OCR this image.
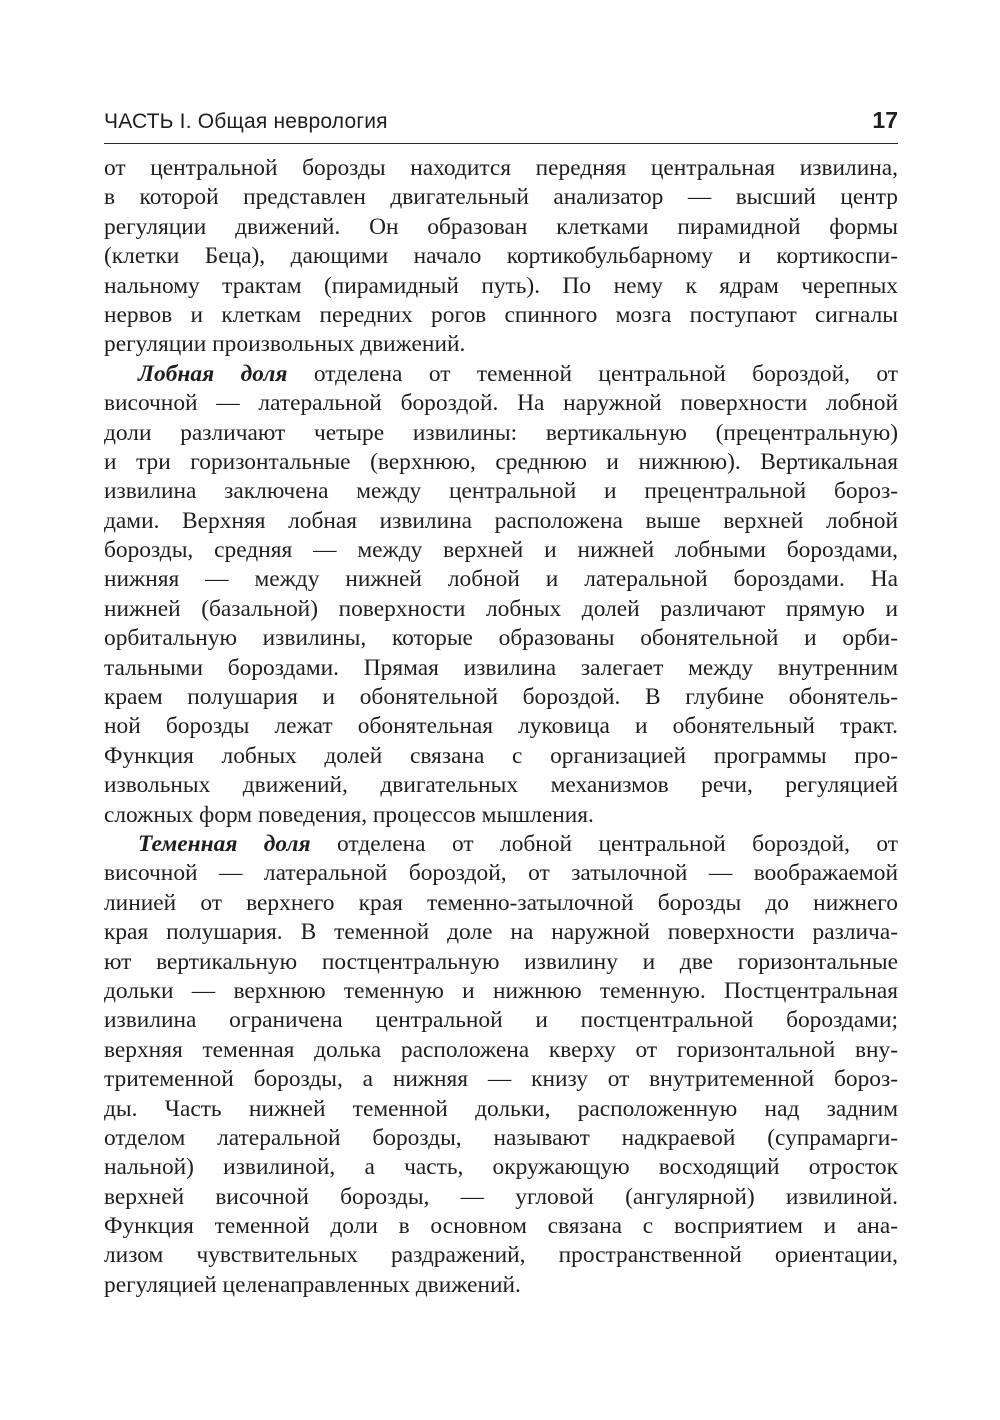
ЧАСТЬ I. Общая неврология	17
от центральной борозды находится передняя центральная извилина,
в которой представлен двигательный анализатор — высший центр
регуляции движений. Он образован клетками пирамидной формы
(клетки Беца), дающими начало кортикобульбарному и кортикоспи-
нальному трактам (пирамидный путь). По нему к ядрам черепных
нервов и клеткам передних рогов спинного мозга поступают сигналы
регуляции произвольных движений.
Лобная доля отделена от теменной центральной бороздой, от
височной — латеральной бороздой. На наружной поверхности лобной
доли различают четыре извилины: вертикальную (прецентральную)
и три горизонтальные (верхнюю, среднюю и нижнюю). Вертикальная
извилина заключена между центральной и прецентральной бороз-
дами. Верхняя лобная извилина расположена выше верхней лобной
борозды, средняя — между верхней и нижней лобными бороздами,
нижняя — между нижней лобной и латеральной бороздами. На
нижней (базальной) поверхности лобных долей различают прямую и
орбитальную извилины, которые образованы обонятельной и орби-
тальными бороздами. Прямая извилина залегает между внутренним
краем полушария и обонятельной бороздой. В глубине обонятель-
ной борозды лежат обонятельная луковица и обонятельный тракт.
Функция лобных долей связана с организацией программы про-
извольных движений, двигательных механизмов речи, регуляцией
сложных форм поведения, процессов мышления.
Теменная доля отделена от лобной центральной бороздой, от
височной — латеральной бороздой, от затылочной — воображаемой
линией от верхнего края теменно-затылочной борозды до нижнего
края полушария. В теменной доле на наружной поверхности различа-
ют вертикальную постцентральную извилину и две горизонтальные
дольки — верхнюю теменную и нижнюю теменную. Постцентральная
извилина ограничена центральной и постцентральной бороздами;
верхняя теменная долька расположена кверху от горизонтальной вну-
тритеменной борозды, а нижняя — книзу от внутритеменной бороз-
ды. Часть нижней теменной дольки, расположенную над задним
отделом латеральной борозды, называют надкраевой (супрамарги-
нальной) извилиной, а часть, окружающую восходящий отросток
верхней височной борозды, — угловой (ангулярной) извилиной.
Функция теменной доли в основном связана с восприятием и ана-
лизом чувствительных раздражений, пространственной ориентации,
регуляцией целенаправленных движений.
